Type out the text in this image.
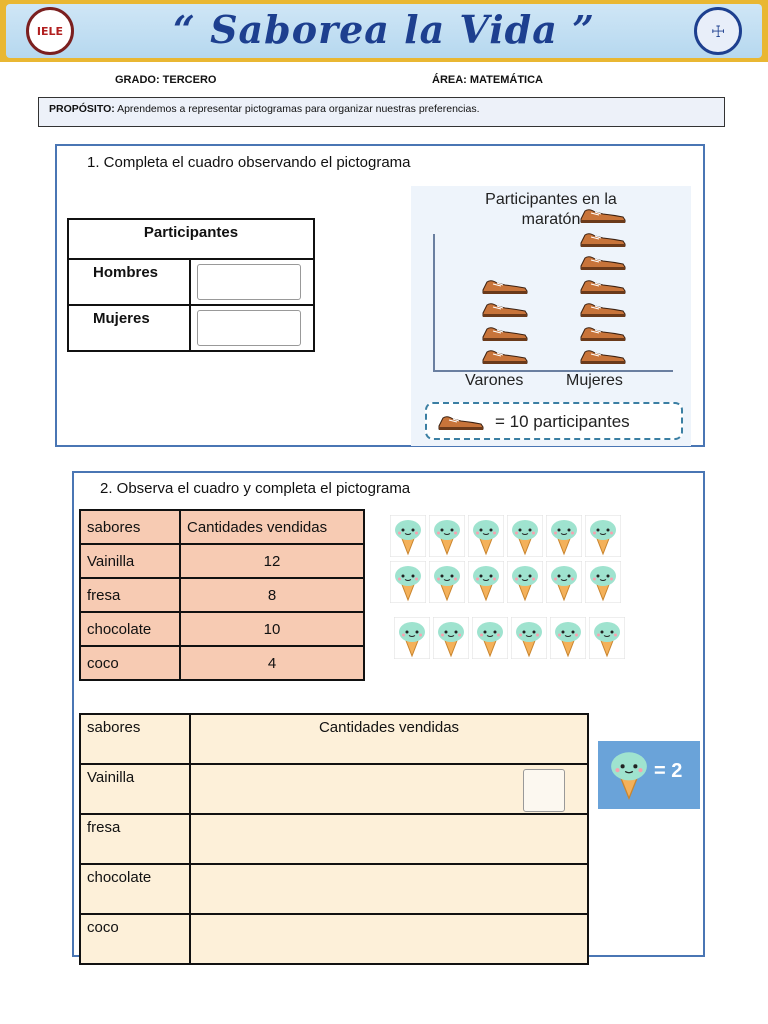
IELE	“ Saborea la Vida ”	☩
GRADO: TERCERO	ÁREA: MATEMÁTICA
PROPÓSITO: Aprendemos a representar pictogramas para organizar nuestras preferencias.
1. Completa el cuadro observando el pictograma
Participantes	
Hombres	

Mujeres	
Participantes en la
maratón
Varones	Mujeres
= 10 participantes
2. Observa el cuadro y completa el pictograma
sabores	Cantidades vendidas
Vainilla	12
fresa	8
chocolate	10
coco	4
sabores	Cantidades vendidas
Vainilla	

fresa	
chocolate	
coco	
= 2
